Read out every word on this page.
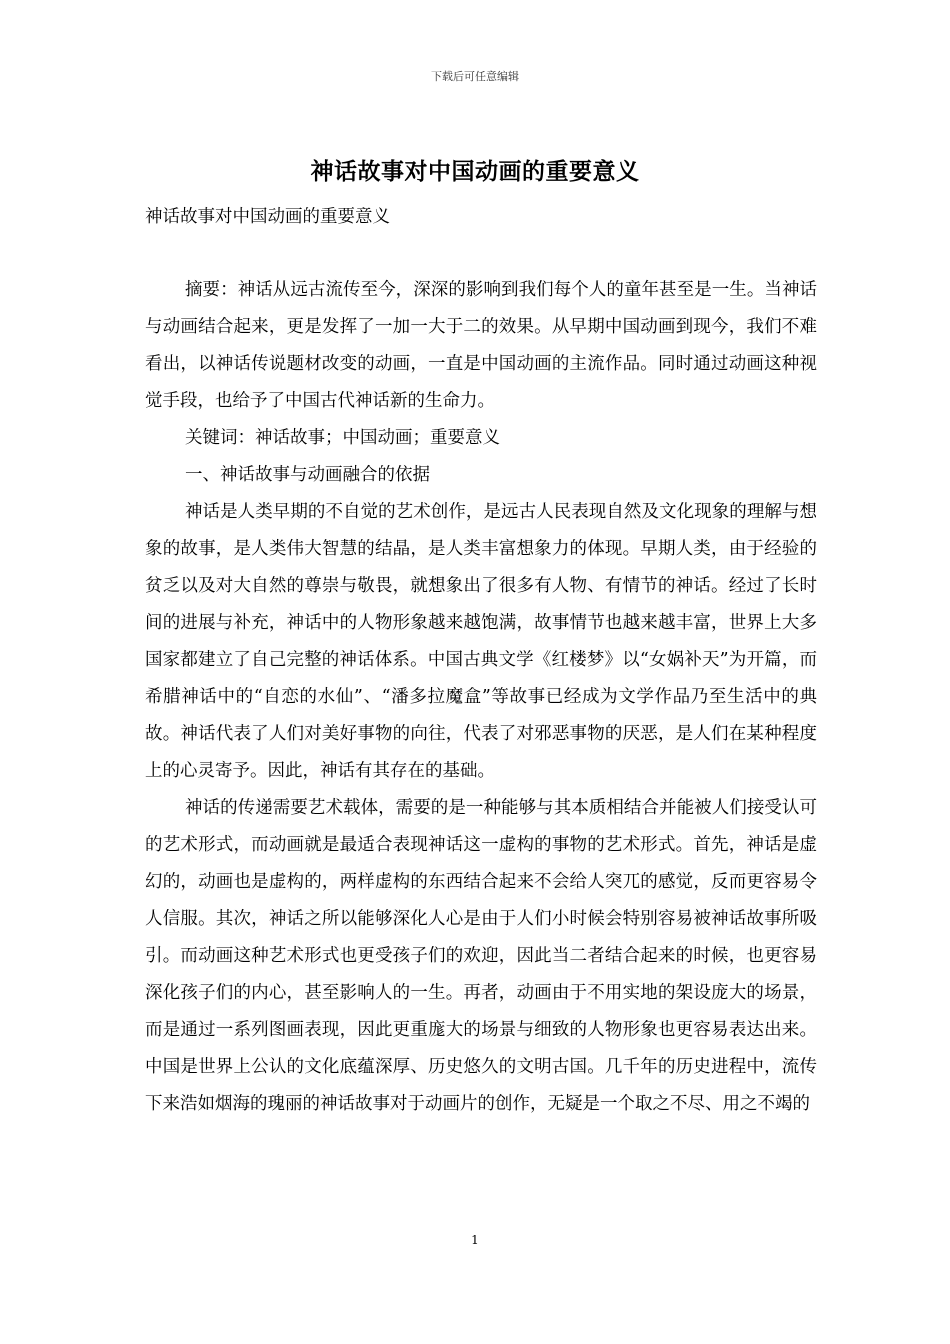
下载后可任意编辑
神话故事对中国动画的重要意义
神话故事对中国动画的重要意义

摘要：神话从远古流传至今，深深的影响到我们每个人的童年甚至是一生。当神话与动画结合起来，更是发挥了一加一大于二的效果。从早期中国动画到现今，我们不难看出，以神话传说题材改变的动画，一直是中国动画的主流作品。同时通过动画这种视觉手段，也给予了中国古代神话新的生命力。

关键词：神话故事；中国动画；重要意义

一、神话故事与动画融合的依据

神话是人类早期的不自觉的艺术创作，是远古人民表现自然及文化现象的理解与想象的故事，是人类伟大智慧的结晶，是人类丰富想象力的体现。早期人类，由于经验的贫乏以及对大自然的尊崇与敬畏，就想象出了很多有人物、有情节的神话。经过了长时间的进展与补充，神话中的人物形象越来越饱满，故事情节也越来越丰富，世界上大多国家都建立了自己完整的神话体系。中国古典文学《红楼梦》以“女娲补天”为开篇，而希腊神话中的“自恋的水仙”、“潘多拉魔盒”等故事已经成为文学作品乃至生活中的典故。神话代表了人们对美好事物的向往，代表了对邪恶事物的厌恶，是人们在某种程度上的心灵寄予。因此，神话有其存在的基础。

神话的传递需要艺术载体，需要的是一种能够与其本质相结合并能被人们接受认可的艺术形式，而动画就是最适合表现神话这一虚构的事物的艺术形式。首先，神话是虚幻的，动画也是虚构的，两样虚构的东西结合起来不会给人突兀的感觉，反而更容易令人信服。其次，神话之所以能够深化人心是由于人们小时候会特别容易被神话故事所吸引。而动画这种艺术形式也更受孩子们的欢迎，因此当二者结合起来的时候，也更容易深化孩子们的内心，甚至影响人的一生。再者，动画由于不用实地的架设庞大的场景，而是通过一系列图画表现，因此更重庬大的场景与细致的人物形象也更容易表达出来。中国是世界上公认的文化底蕴深厚、历史悠久的文明古国。几千年的历史进程中，流传下来浩如烟海的瑰丽的神话故事对于动画片的创作，无疑是一个取之不尽、用之不竭的

1
